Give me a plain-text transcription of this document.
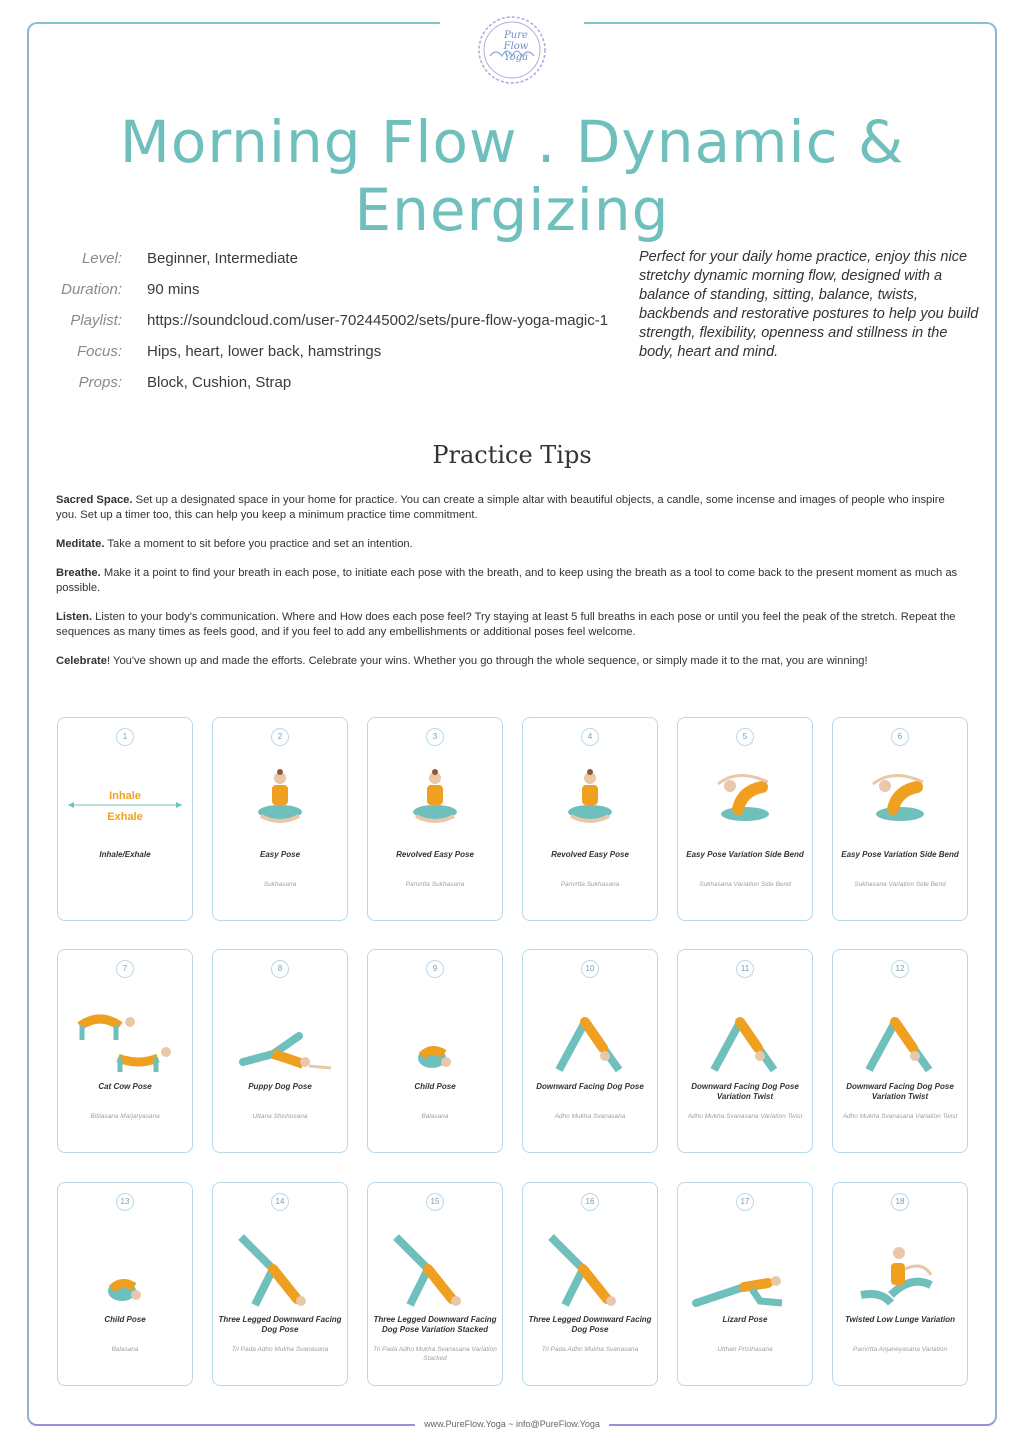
Pure Flow Yoga
Morning Flow . Dynamic & Energizing
Level: Beginner, Intermediate
Duration: 90 mins
Playlist: https://soundcloud.com/user-702445002/sets/pure-flow-yoga-magic-1
Focus: Hips, heart, lower back, hamstrings
Props: Block, Cushion, Strap
Perfect for your daily home practice, enjoy this nice stretchy dynamic morning flow, designed with a balance of standing, sitting, balance, twists, backbends and restorative postures to help you build strength, flexibility, openness and stillness in the body, heart and mind.
Practice Tips
Sacred Space. Set up a designated space in your home for practice. You can create a simple altar with beautiful objects, a candle, some incense and images of people who inspire you. Set up a timer too, this can help you keep a minimum practice time commitment.
Meditate. Take a moment to sit before you practice and set an intention.
Breathe. Make it a point to find your breath in each pose, to initiate each pose with the breath, and to keep using the breath as a tool to come back to the present moment as much as possible.
Listen. Listen to your body's communication. Where and How does each pose feel? Try staying at least 5 full breaths in each pose or until you feel the peak of the stretch. Repeat the sequences as many times as feels good, and if you feel to add any embellishments or additional poses feel welcome.
Celebrate! You've shown up and made the efforts. Celebrate your wins. Whether you go through the whole sequence, or simply made it to the mat, you are winning!
1
Inhale
Exhale
Inhale/Exhale
2
Easy Pose
Sukhasana
3
Revolved Easy Pose
Parivrtta Sukhasana
4
Revolved Easy Pose
Parivrtta Sukhasana
5
Easy Pose Variation Side Bend
Sukhasana Variation Side Bend
6
Easy Pose Variation Side Bend
Sukhasana Variation Side Bend
7
Cat Cow Pose
Bitilasana Marjaryasana
8
Puppy Dog Pose
Uttana Shishosana
9
Child Pose
Balasana
10
Downward Facing Dog Pose
Adho Mukha Svanasana
11
Downward Facing Dog Pose Variation Twist
Adho Mukha Svanasana Variation Twist
12
Downward Facing Dog Pose Variation Twist
Adho Mukha Svanasana Variation Twist
13
Child Pose
Balasana
14
Three Legged Downward Facing Dog Pose
Tri Pada Adho Mukha Svanasana
15
Three Legged Downward Facing Dog Pose Variation Stacked
Tri Pada Adho Mukha Svanasana Variation Stacked
16
Three Legged Downward Facing Dog Pose
Tri Pada Adho Mukha Svanasana
17
Lizard Pose
Utthan Pristhasana
18
Twisted Low Lunge Variation
Parivrtta Anjaneyasana Variation
www.PureFlow.Yoga ~ info@PureFlow.Yoga
